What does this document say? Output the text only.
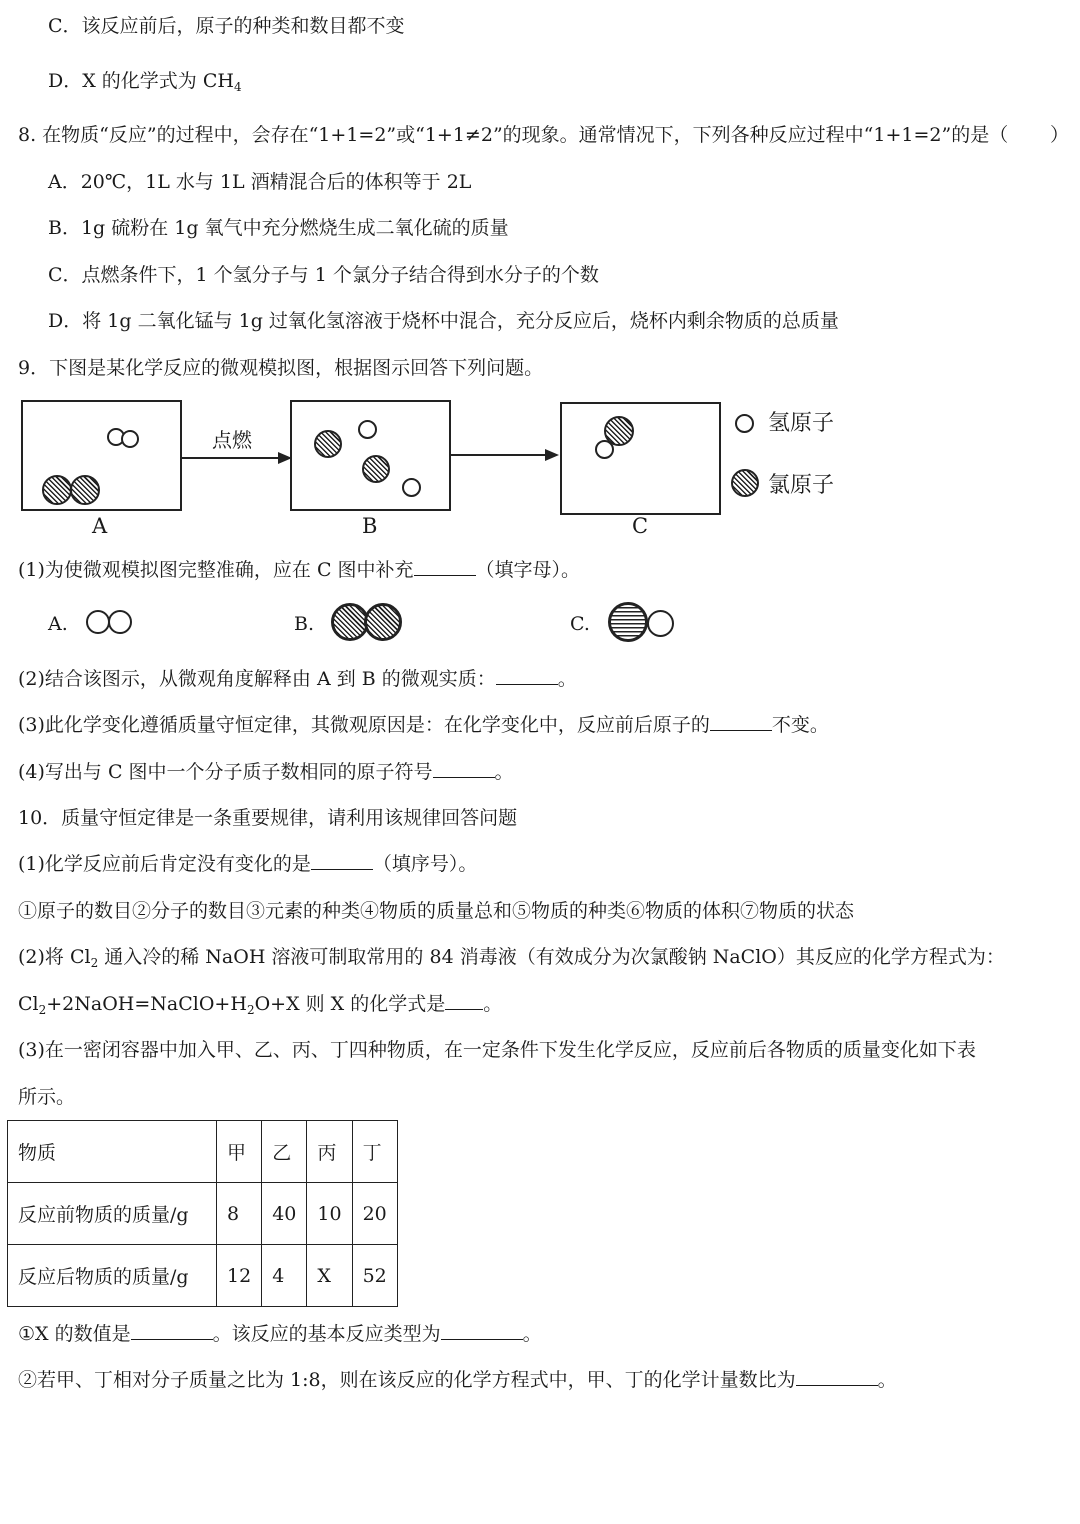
C．该反应前后，原子的种类和数目都不变
D．X 的化学式为 $CH_4$
8. 在物质“反应”的过程中，会存在“1+1=2”或“1+1≠2”的现象。通常情况下，下列各种反应过程中“1+1=2”的是（ ）
A．20℃，1L 水与 1L 酒精混合后的体积等于 2L
B．1g 硫粉在 1g 氧气中充分燃烧生成二氧化硫的质量
C．点燃条件下，1 个氢分子与 1 个氯分子结合得到水分子的个数
D．将 1g 二氧化锰与 1g 过氧化氢溶液于烧杯中混合，充分反应后，烧杯内剩余物质的总质量
9．下图是某化学反应的微观模拟图，根据图示回答下列问题。
A
点燃
B	C
氢原子
氯原子
(1)为使微观模拟图完整准确，应在 C 图中补充	（填字母）。
A.	B.	C.
(2)结合该图示，从微观角度解释由 A 到 B 的微观实质：	。
(3)此化学变化遵循质量守恒定律，其微观原因是：在化学变化中，反应前后原子的	不变。
(4)写出与 C 图中一个分子质子数相同的原子符号	。
10．质量守恒定律是一条重要规律，请利用该规律回答问题
(1)化学反应前后肯定没有变化的是	（填序号）。
①原子的数目②分子的数目③元素的种类④物质的质量总和⑤物质的种类⑥物质的体积⑦物质的状态
(2)将 $Cl_2$ 通入冷的稀 NaOH 溶液可制取常用的 84 消毒液（有效成分为次氯酸钠 NaClO）其反应的化学方程式为：
$Cl_2+2NaOH=NaClO+H_2O+X$ 则 X 的化学式是 。
(3)在一密闭容器中加入甲、乙、丙、丁四种物质，在一定条件下发生化学反应，反应前后各物质的质量变化如下表
所示。
物质	甲	乙	丙	丁
反应前物质的质量/g	8	40	10	20
反应后物质的质量/g	12	4	X	52
①X 的数值是	。该反应的基本反应类型为	。
②若甲、丁相对分子质量之比为 1:8，则在该反应的化学方程式中，甲、丁的化学计量数比为	。
